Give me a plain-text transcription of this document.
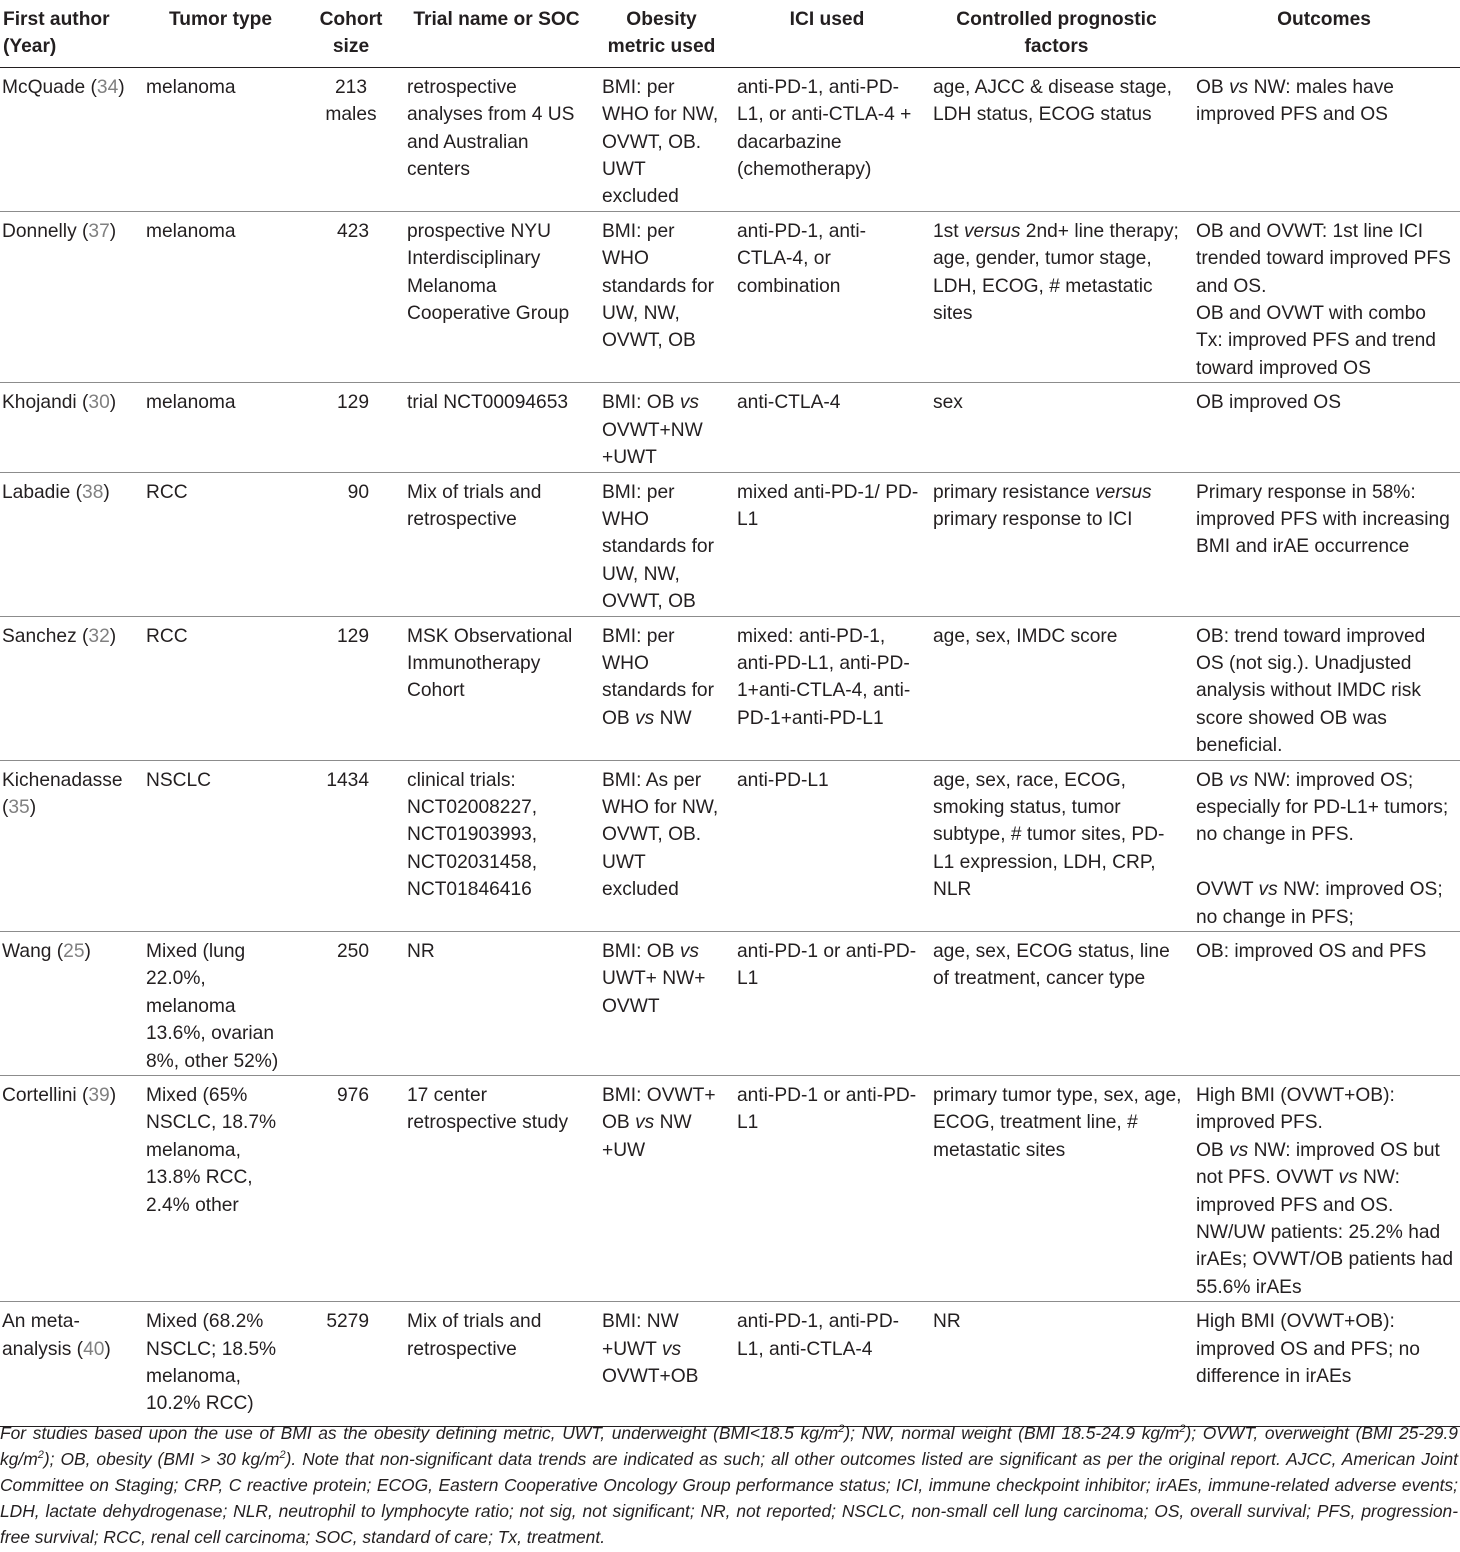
First author (Year)	Tumor type	Cohort size	Trial name or SOC	Obesity metric used	ICI used	Controlled prognostic factors	Outcomes
McQuade (34)	melanoma	213 males	retrospective analyses from 4 US and Australian centers	BMI: per WHO for NW, OVWT, OB. UWT excluded	anti-PD-1, anti-PD-L1, or anti-CTLA-4 + dacarbazine (chemotherapy)	age, AJCC & disease stage, LDH status, ECOG status	OB vs NW: males have improved PFS and OS
Donnelly (37)	melanoma	423	prospective NYU Interdisciplinary Melanoma Cooperative Group	BMI: per WHO standards for UW, NW, OVWT, OB	anti-PD-1, anti-CTLA-4, or combination	1st versus 2nd+ line therapy; age, gender, tumor stage, LDH, ECOG, # metastatic sites	OB and OVWT: 1st line ICI trended toward improved PFS and OS.
OB and OVWT with combo Tx: improved PFS and trend toward improved OS

Khojandi (30)	melanoma	129	trial NCT00094653	BMI: OB vs OVWT+NW +UWT	anti-CTLA-4	sex	OB improved OS
Labadie (38)	RCC	90	Mix of trials and retrospective	BMI: per WHO standards for UW, NW, OVWT, OB	mixed anti-PD-1/ PD-L1	primary resistance versus primary response to ICI	Primary response in 58%: improved PFS with increasing BMI and irAE occurrence
Sanchez (32)	RCC	129	MSK Observational Immunotherapy Cohort	BMI: per WHO standards for OB vs NW	mixed: anti-PD-1, anti-PD-L1, anti-PD-1+anti-CTLA-4, anti-PD-1+anti-PD-L1	age, sex, IMDC score	OB: trend toward improved OS (not sig.). Unadjusted analysis without IMDC risk score showed OB was beneficial.
Kichenadasse (35)	NSCLC	1434	clinical trials: NCT02008227, NCT01903993, NCT02031458, NCT01846416	BMI: As per WHO for NW, OVWT, OB. UWT excluded	anti-PD-L1	age, sex, race, ECOG, smoking status, tumor subtype, # tumor sites, PD-L1 expression, LDH, CRP, NLR	OB vs NW: improved OS; especially for PD-L1+ tumors; no change in PFS.
OVWT vs NW: improved OS; no change in PFS;

Wang (25)	Mixed (lung 22.0%, melanoma 13.6%, ovarian 8%, other 52%)	250	NR	BMI: OB vs UWT+ NW+ OVWT	anti-PD-1 or anti-PD-L1	age, sex, ECOG status, line of treatment, cancer type	OB: improved OS and PFS
Cortellini (39)	Mixed (65% NSCLC, 18.7% melanoma, 13.8% RCC, 2.4% other	976	17 center retrospective study	BMI: OVWT+ OB vs NW +UW	anti-PD-1 or anti-PD-L1	primary tumor type, sex, age, ECOG, treatment line, # metastatic sites	High BMI (OVWT+OB): improved PFS.
OB vs NW: improved OS but not PFS. OVWT vs NW: improved PFS and OS.
NW/UW patients: 25.2% had irAEs; OVWT/OB patients had 55.6% irAEs

An meta-analysis (40)	Mixed (68.2% NSCLC; 18.5% melanoma, 10.2% RCC)	5279	Mix of trials and retrospective	BMI: NW +UWT vs OVWT+OB	anti-PD-1, anti-PD-L1, anti-CTLA-4	NR	High BMI (OVWT+OB): improved OS and PFS; no difference in irAEs
For studies based upon the use of BMI as the obesity defining metric, UWT, underweight (BMI<18.5 $kg/m^2$); NW, normal weight (BMI 18.5-24.9 $kg/m^2$); OVWT, overweight (BMI 25-29.9 $kg/m^2$); OB, obesity (BMI > 30 $kg/m^2$). Note that non-significant data trends are indicated as such; all other outcomes listed are significant as per the original report. AJCC, American Joint Committee on Staging; CRP, C reactive protein; ECOG, Eastern Cooperative Oncology Group performance status; ICI, immune checkpoint inhibitor; irAEs, immune-related adverse events; LDH, lactate dehydrogenase; NLR, neutrophil to lymphocyte ratio; not sig, not significant; NR, not reported; NSCLC, non-small cell lung carcinoma; OS, overall survival; PFS, progression-free survival; RCC, renal cell carcinoma; SOC, standard of care; Tx, treatment.
